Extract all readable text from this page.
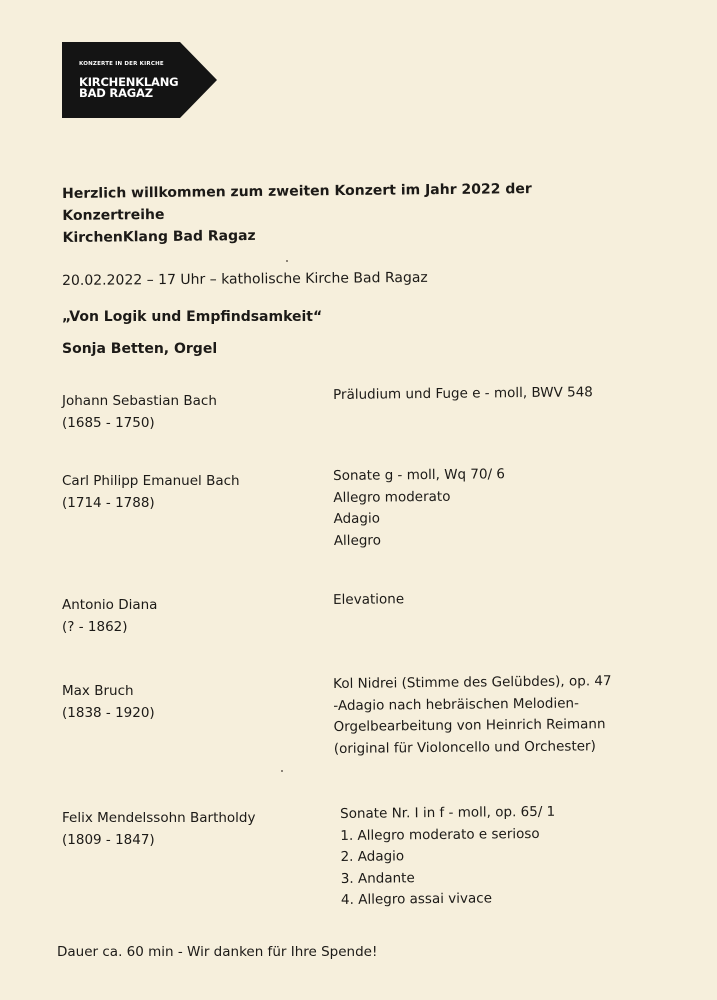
KONZERTE IN DER KIRCHE
KIRCHENKLANG
BAD RAGAZ
Herzlich willkommen zum zweiten Konzert im Jahr 2022 der Konzertreihe
KirchenKlang Bad Ragaz
20.02.2022 – 17 Uhr – katholische Kirche Bad Ragaz
„Von Logik und Empfindsamkeit“
Sonja Betten, Orgel
Johann Sebastian Bach
(1685 - 1750)
Präludium und Fuge e - moll, BWV 548
Carl Philipp Emanuel Bach
(1714 - 1788)
Sonate g - moll, Wq 70/ 6
Allegro moderato
Adagio
Allegro
Antonio Diana
(? - 1862)
Elevatione
Max Bruch
(1838 - 1920)
Kol Nidrei (Stimme des Gelübdes), op. 47
-Adagio nach hebräischen Melodien-
Orgelbearbeitung von Heinrich Reimann
(original für Violoncello und Orchester)
Felix Mendelssohn Bartholdy
(1809 - 1847)
Sonate Nr. I in f - moll, op. 65/ 1
1. Allegro moderato e serioso
2. Adagio
3. Andante
4. Allegro assai vivace
Dauer ca. 60 min - Wir danken für Ihre Spende!
